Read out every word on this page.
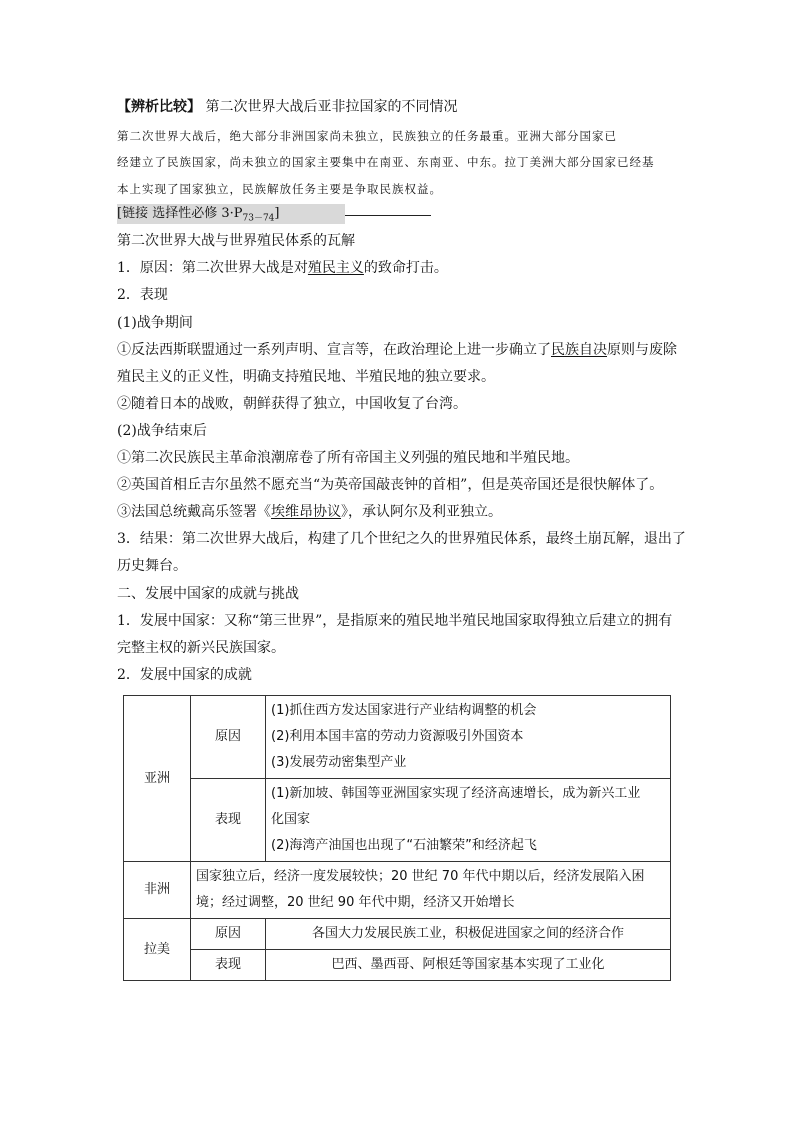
【辨析比较】 第二次世界大战后亚非拉国家的不同情况
第二次世界大战后，绝大部分非洲国家尚未独立，民族独立的任务最重。亚洲大部分国家已
经建立了民族国家，尚未独立的国家主要集中在南亚、东南亚、中东。拉丁美洲大部分国家已经基
本上实现了国家独立，民族解放任务主要是争取民族权益。
[链接 选择性必修 $3\cdot P_{73-74}$]
第二次世界大战与世界殖民体系的瓦解
1．原因：第二次世界大战是对殖民主义的致命打击。
2．表现
(1)战争期间
①反法西斯联盟通过一系列声明、宣言等，在政治理论上进一步确立了民族自决原则与废除
殖民主义的正义性，明确支持殖民地、半殖民地的独立要求。
②随着日本的战败，朝鲜获得了独立，中国收复了台湾。
(2)战争结束后
①第二次民族民主革命浪潮席卷了所有帝国主义列强的殖民地和半殖民地。
②英国首相丘吉尔虽然不愿充当“为英帝国敲丧钟的首相”，但是英帝国还是很快解体了。
③法国总统戴高乐签署《埃维昂协议》，承认阿尔及利亚独立。
3．结果：第二次世界大战后，构建了几个世纪之久的世界殖民体系，最终土崩瓦解，退出了
历史舞台。
二、发展中国家的成就与挑战
1．发展中国家：又称“第三世界”，是指原来的殖民地半殖民地国家取得独立后建立的拥有
完整主权的新兴民族国家。
2．发展中国家的成就
亚洲	原因	(1)抓住西方发达国家进行产业结构调整的机会
(2)利用本国丰富的劳动力资源吸引外国资本
(3)发展劳动密集型产业

	表现	(1)新加坡、韩国等亚洲国家实现了经济高速增长，成为新兴工业
化国家
(2)海湾产油国也出现了“石油繁荣”和经济起飞

非洲	国家独立后，经济一度发展较快；20 世纪 70 年代中期以后，经济发展陷入困
境；经过调整，20 世纪 90 年代中期，经济又开始增长	

拉美	原因	各国大力发展民族工业，积极促进国家之间的经济合作
	表现	巴西、墨西哥、阿根廷等国家基本实现了工业化
